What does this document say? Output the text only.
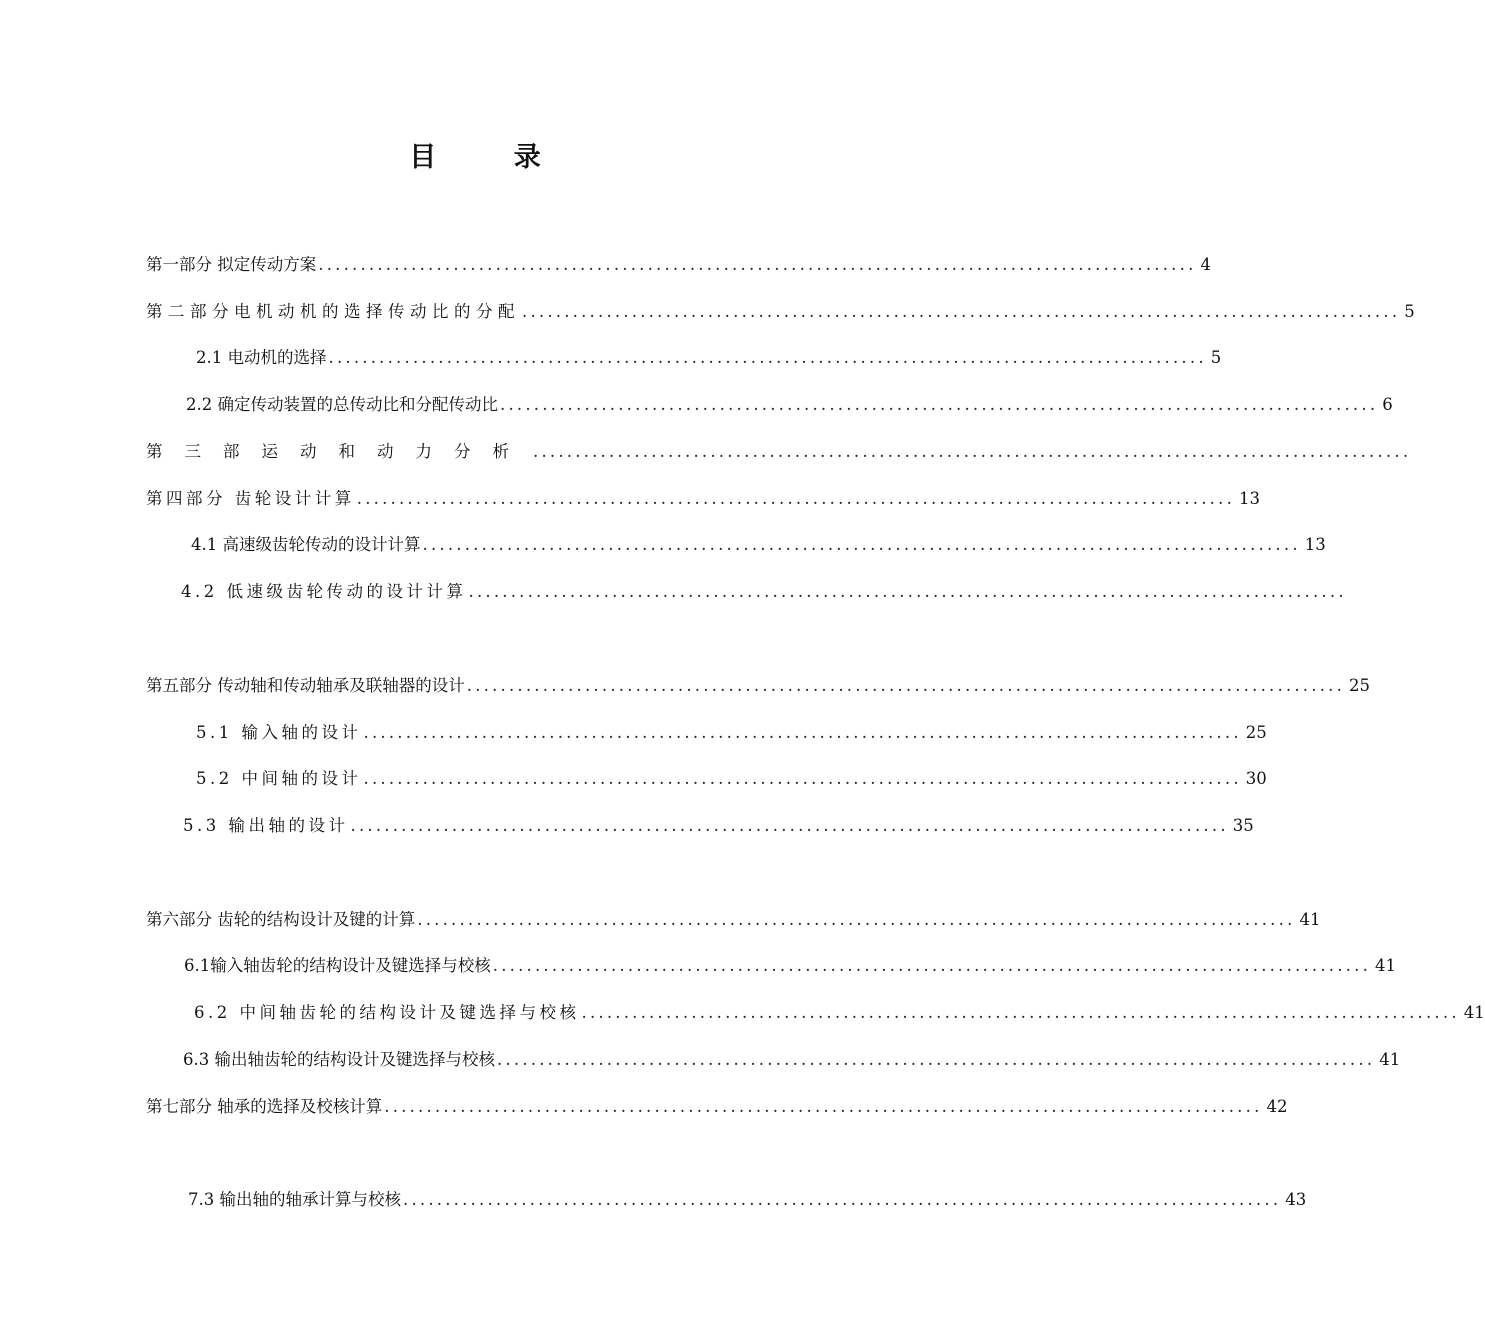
目 录
第一部分 拟定传动方案 ........................................................................................................ 4
第二部分电机动机的选择传动比的分配 ........................................................................................................ 5
2.1 电动机的选择 ........................................................................................................ 5
2.2 确定传动装置的总传动比和分配传动比 ........................................................................................................ 6
第三部运动和动力分析 ........................................................................................................
第四部分 齿轮设计计算 ........................................................................................................ 13
4.1 高速级齿轮传动的设计计算 ........................................................................................................ 13
4.2 低速级齿轮传动的设计计算 ........................................................................................................
第五部分 传动轴和传动轴承及联轴器的设计 ........................................................................................................ 25
5.1 输入轴的设计 ........................................................................................................ 25
5.2 中间轴的设计 ........................................................................................................ 30
5.3 输出轴的设计 ........................................................................................................ 35
第六部分 齿轮的结构设计及键的计算 ........................................................................................................ 41
6.1输入轴齿轮的结构设计及键选择与校核 ........................................................................................................ 41
6.2 中间轴齿轮的结构设计及键选择与校核 ........................................................................................................ 41
6.3 输出轴齿轮的结构设计及键选择与校核 ........................................................................................................ 41
第七部分 轴承的选择及校核计算 ........................................................................................................ 42
7.3 输出轴的轴承计算与校核 ........................................................................................................ 43
